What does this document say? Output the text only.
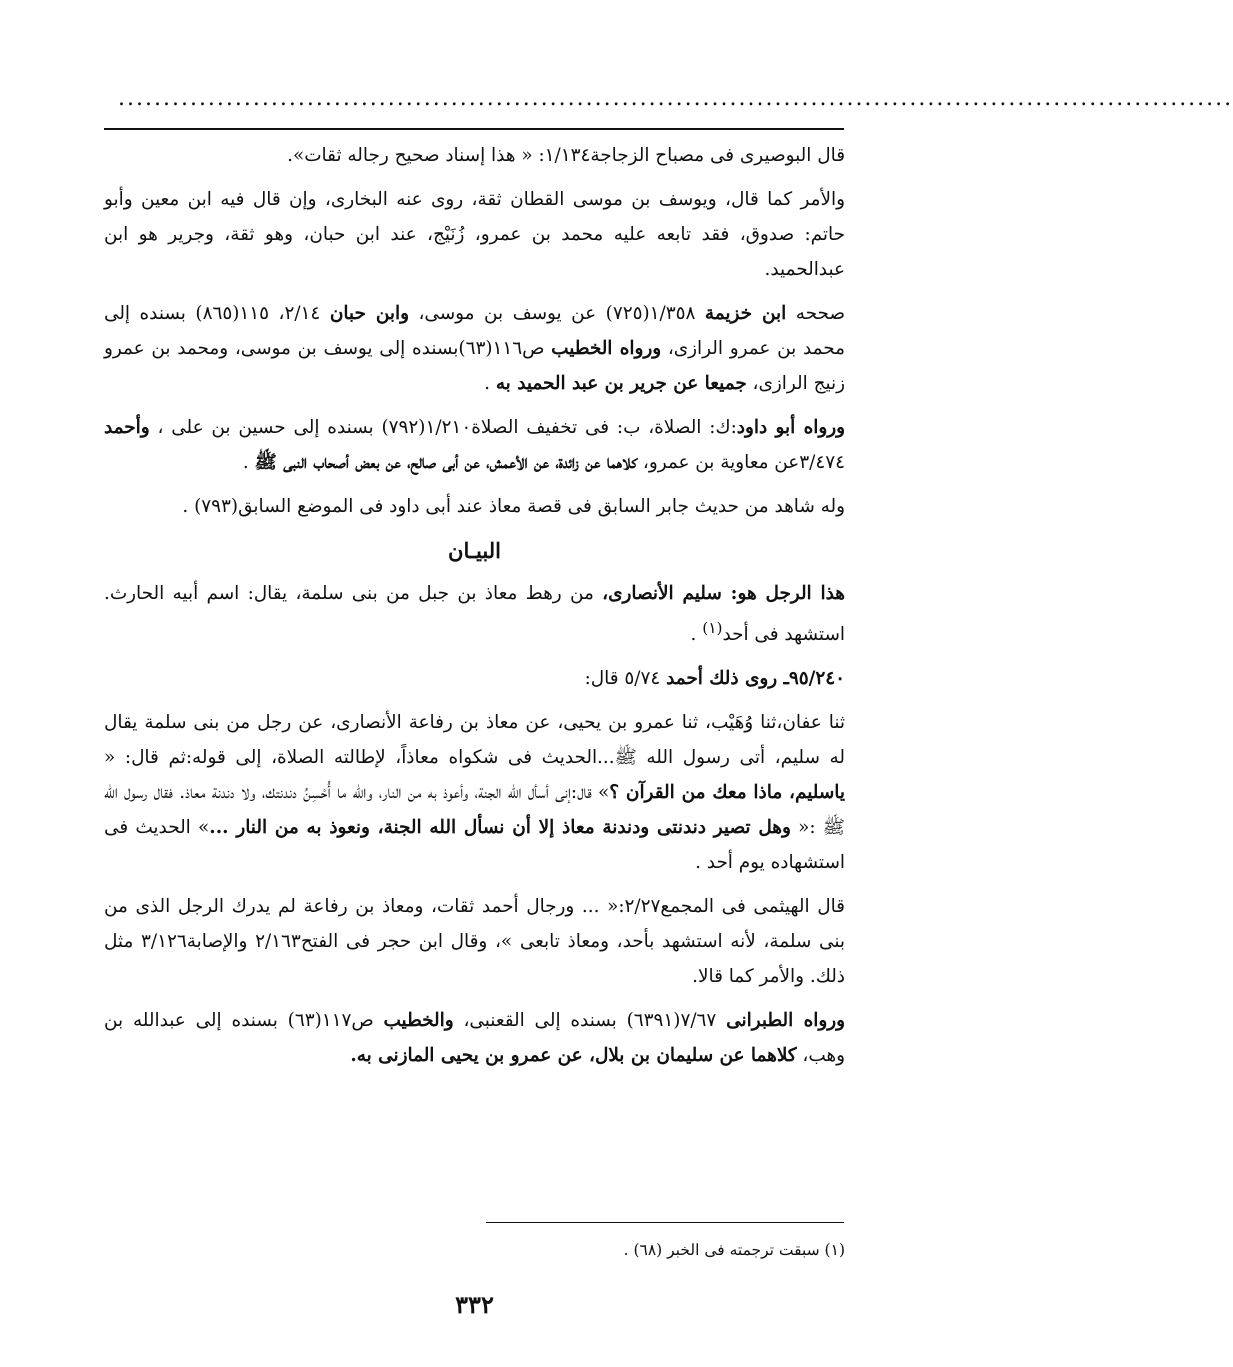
............................................................................................................................

قال البوصيرى فى مصباح الزجاجة١/١٣٤: « هذا إسناد صحيح رجاله ثقات».

والأمر كما قال، ويوسف بن موسى القطان ثقة، روى عنه البخارى، وإن قال فيه ابن معين وأبو حاتم: صدوق، فقد تابعه عليه محمد بن عمرو، زُنَيْج، عند ابن حبان، وهو ثقة، وجرير هو ابن عبدالحميد.

صححه ابن خزيمة ١/٣٥٨(٧٢٥) عن يوسف بن موسى، وابن حبان ٢/١٤، ١١٥(٨٦٥) بسنده إلى محمد بن عمرو الرازى، ورواه الخطيب ص١١٦(٦٣)بسنده إلى يوسف بن موسى، ومحمد بن عمرو زنيج الرازى، جميعا عن جرير بن عبد الحميد به .

ورواه أبو داود:ك: الصلاة، ب: فى تخفيف الصلاة١/٢١٠(٧٩٢) بسنده إلى حسين بن على ، وأحمد ٣/٤٧٤عن معاوية بن عمرو، كلاهما عن زائدة، عن الأعمش، عن أبى صالح، عن بعض أصحاب النبى ﷺ .

وله شاهد من حديث جابر السابق فى قصة معاذ عند أبى داود فى الموضع السابق(٧٩٣) .

البيـان

هذا الرجل هو: سليم الأنصارى، من رهط معاذ بن جبل من بنى سلمة، يقال: اسم أبيه الحارث. استشهد فى أحد$^{(١)}$ .

٩٥/٢٤٠ـ روى ذلك أحمد ٥/٧٤ قال:

ثنا عفان،ثنا وُهَيْب، ثنا عمرو بن يحيى، عن معاذ بن رفاعة الأنصارى، عن رجل من بنى سلمة يقال له سليم، أتى رسول الله ﷺ...الحديث فى شكواه معاذاً، لإطالته الصلاة، إلى قوله:ثم قال: « ياسليم، ماذا معك من القرآن ؟» قال:إنى أسأل الله الجنة، وأعوذ به من النار، والله ما أُحْسِنُ دندنتك، ولا دندنة معاذ. فقال رسول الله ﷺ :« وهل تصير دندنتى ودندنة معاذ إلا أن نسأل الله الجنة، ونعوذ به من النار ...» الحديث فى استشهاده يوم أحد .

قال الهيثمى فى المجمع٢/٢٧:« ... ورجال أحمد ثقات، ومعاذ بن رفاعة لم يدرك الرجل الذى من بنى سلمة، لأنه استشهد بأحد، ومعاذ تابعى »، وقال ابن حجر فى الفتح٢/١٦٣ والإصابة٣/١٢٦ مثل ذلك. والأمر كما قالا.

ورواه الطبرانى ٧/٦٧(٦٣٩١) بسنده إلى القعنبى، والخطيب ص١١٧(٦٣) بسنده إلى عبدالله بن وهب، كلاهما عن سليمان بن بلال، عن عمرو بن يحيى المازنى به.

(١) سبقت ترجمته فى الخبر (٦٨) .
٣٣٢
